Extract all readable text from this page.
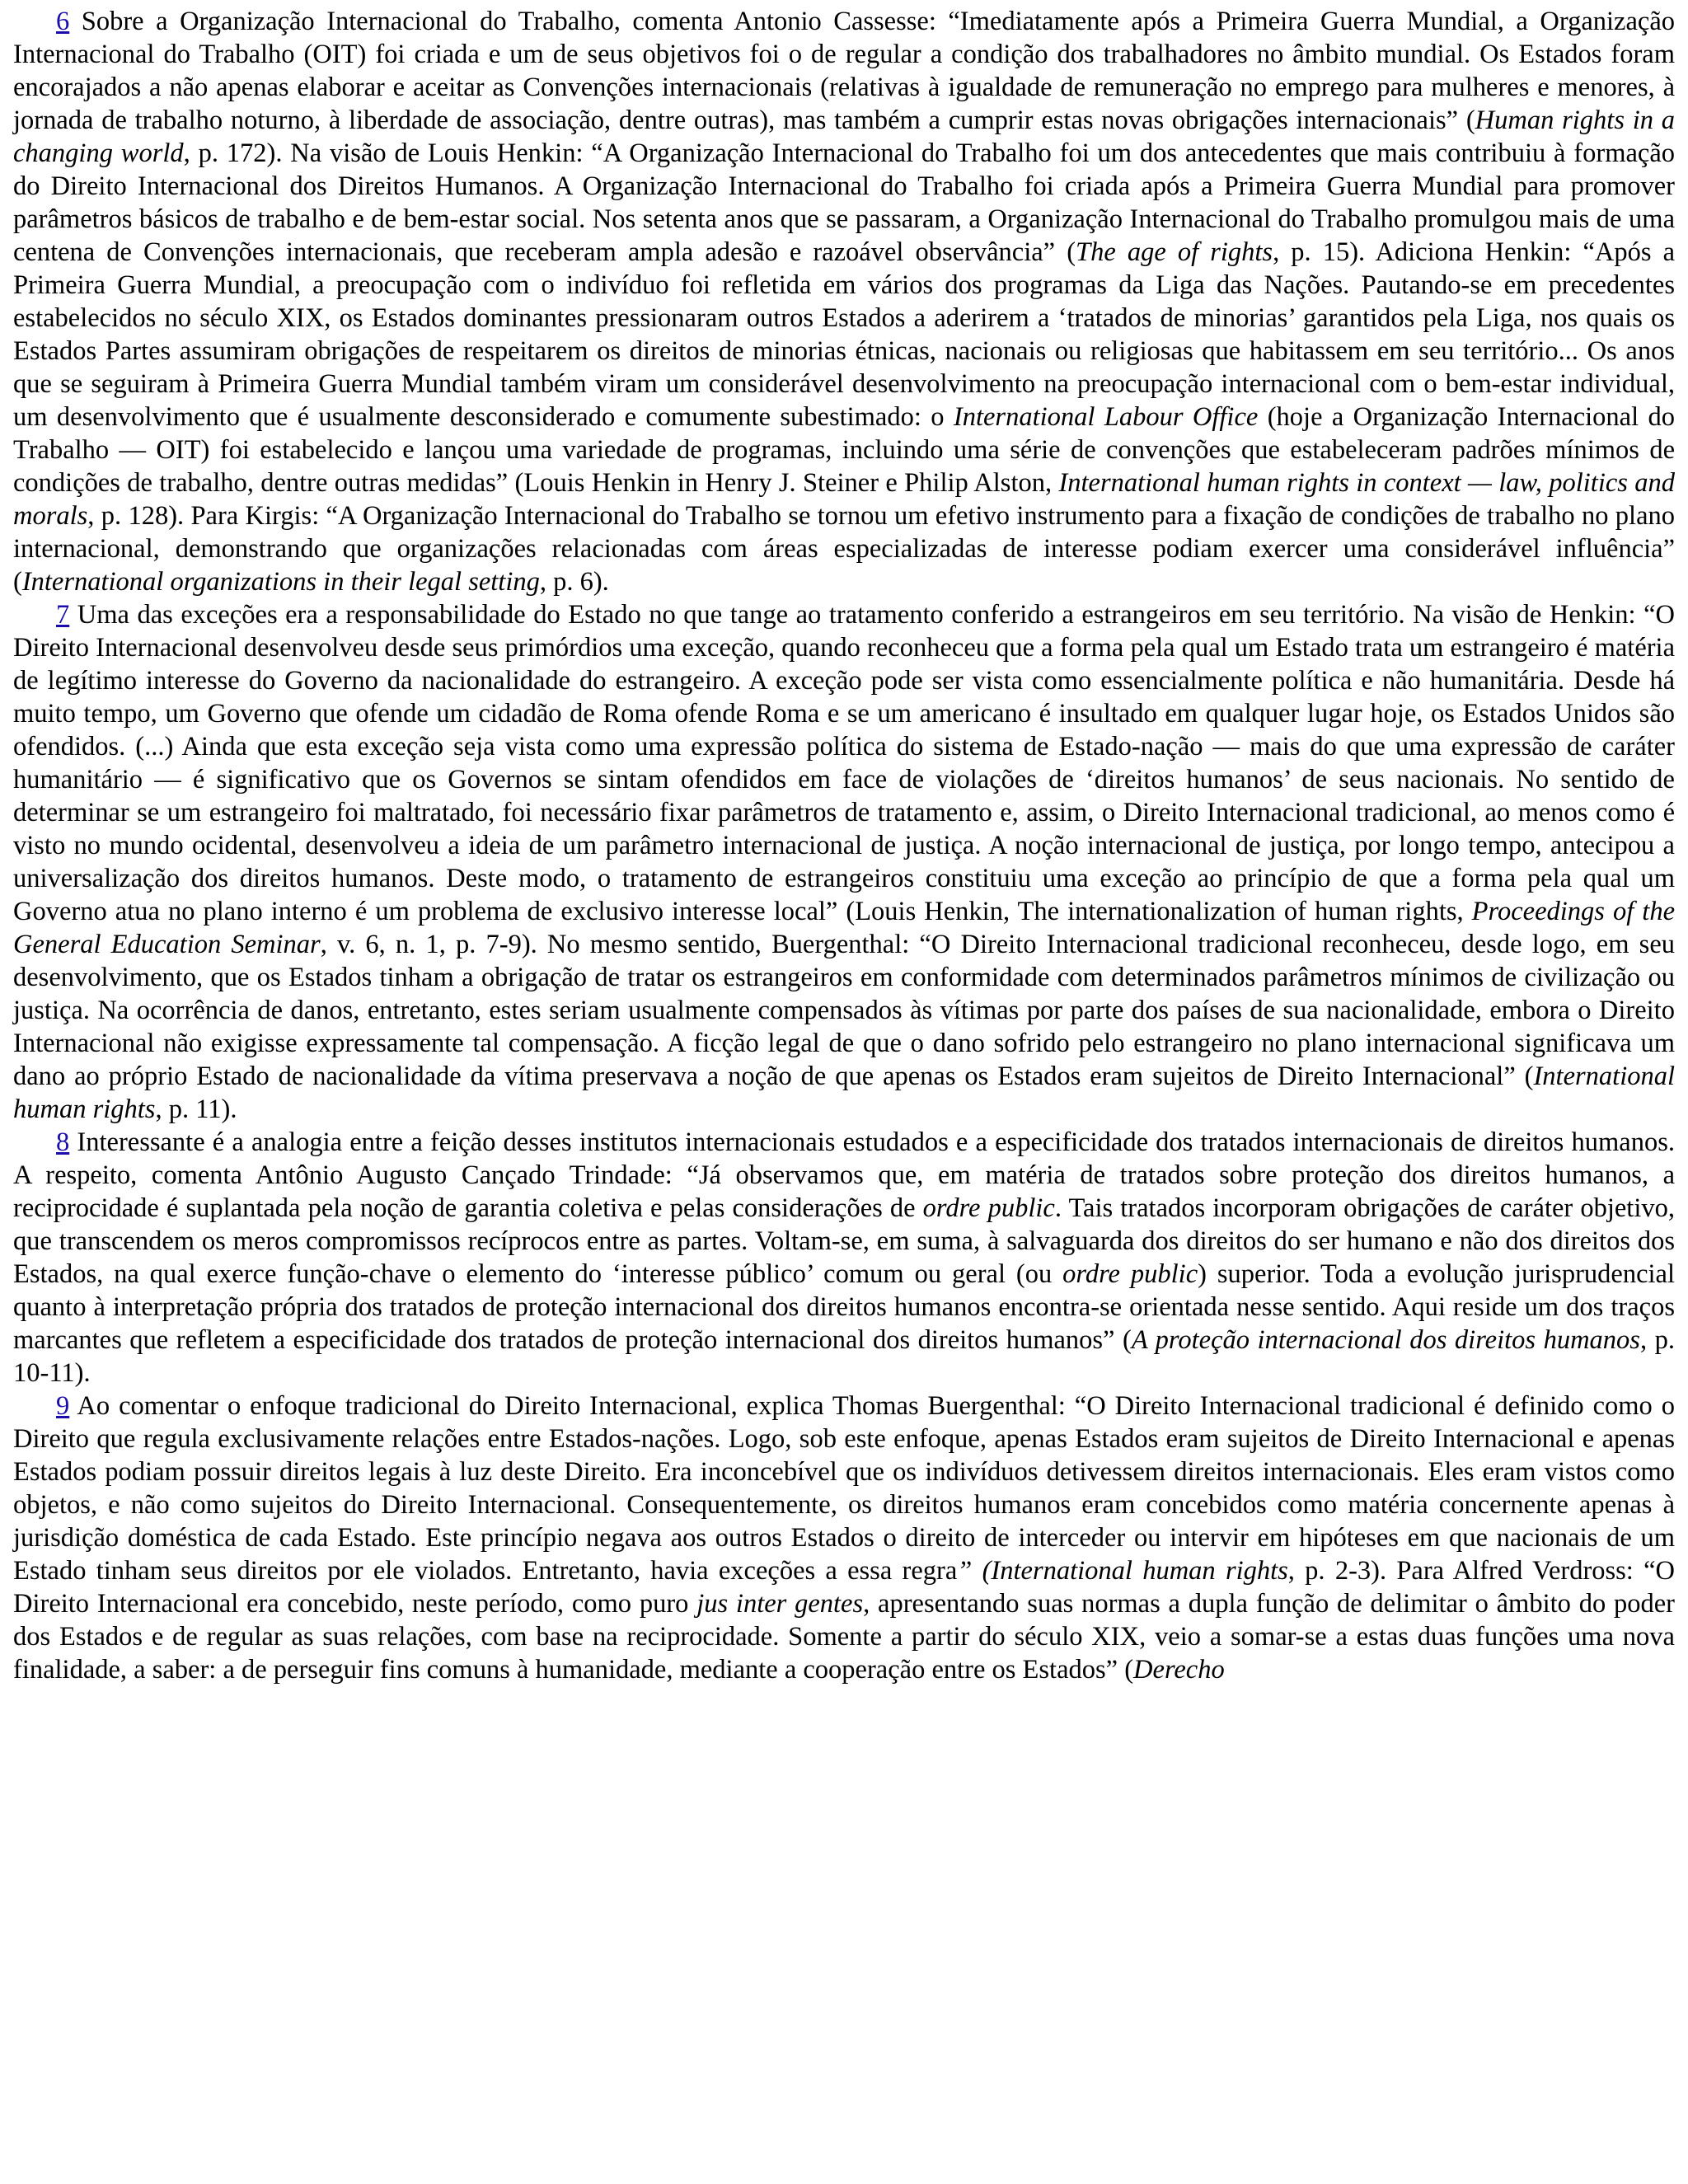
6 Sobre a Organização Internacional do Trabalho, comenta Antonio Cassesse: “Imediatamente após a Primeira Guerra Mundial, a Organização Internacional do Trabalho (OIT) foi criada e um de seus objetivos foi o de regular a condição dos trabalhadores no âmbito mundial. Os Estados foram encorajados a não apenas elaborar e aceitar as Convenções internacionais (relativas à igualdade de remuneração no emprego para mulheres e menores, à jornada de trabalho noturno, à liberdade de associação, dentre outras), mas também a cumprir estas novas obrigações internacionais” (Human rights in a changing world, p. 172). Na visão de Louis Henkin: “A Organização Internacional do Trabalho foi um dos antecedentes que mais contribuiu à formação do Direito Internacional dos Direitos Humanos. A Organização Internacional do Trabalho foi criada após a Primeira Guerra Mundial para promover parâmetros básicos de trabalho e de bem-estar social. Nos setenta anos que se passaram, a Organização Internacional do Trabalho promulgou mais de uma centena de Convenções internacionais, que receberam ampla adesão e razoável observância” (The age of rights, p. 15). Adiciona Henkin: “Após a Primeira Guerra Mundial, a preocupação com o indivíduo foi refletida em vários dos programas da Liga das Nações. Pautando-se em precedentes estabelecidos no século XIX, os Estados dominantes pressionaram outros Estados a aderirem a ‘tratados de minorias’ garantidos pela Liga, nos quais os Estados Partes assumiram obrigações de respeitarem os direitos de minorias étnicas, nacionais ou religiosas que habitassem em seu território... Os anos que se seguiram à Primeira Guerra Mundial também viram um considerável desenvolvimento na preocupação internacional com o bem-estar individual, um desenvolvimento que é usualmente desconsiderado e comumente subestimado: o International Labour Office (hoje a Organização Internacional do Trabalho — OIT) foi estabelecido e lançou uma variedade de programas, incluindo uma série de convenções que estabeleceram padrões mínimos de condições de trabalho, dentre outras medidas” (Louis Henkin in Henry J. Steiner e Philip Alston, International human rights in context — law, politics and morals, p. 128). Para Kirgis: “A Organização Internacional do Trabalho se tornou um efetivo instrumento para a fixação de condições de trabalho no plano internacional, demonstrando que organizações relacionadas com áreas especializadas de interesse podiam exercer uma considerável influência” (International organizations in their legal setting, p. 6).

7 Uma das exceções era a responsabilidade do Estado no que tange ao tratamento conferido a estrangeiros em seu território. Na visão de Henkin: “O Direito Internacional desenvolveu desde seus primórdios uma exceção, quando reconheceu que a forma pela qual um Estado trata um estrangeiro é matéria de legítimo interesse do Governo da nacionalidade do estrangeiro. A exceção pode ser vista como essencialmente política e não humanitária. Desde há muito tempo, um Governo que ofende um cidadão de Roma ofende Roma e se um americano é insultado em qualquer lugar hoje, os Estados Unidos são ofendidos. (...) Ainda que esta exceção seja vista como uma expressão política do sistema de Estado-nação — mais do que uma expressão de caráter humanitário — é significativo que os Governos se sintam ofendidos em face de violações de ‘direitos humanos’ de seus nacionais. No sentido de determinar se um estrangeiro foi maltratado, foi necessário fixar parâmetros de tratamento e, assim, o Direito Internacional tradicional, ao menos como é visto no mundo ocidental, desenvolveu a ideia de um parâmetro internacional de justiça. A noção internacional de justiça, por longo tempo, antecipou a universalização dos direitos humanos. Deste modo, o tratamento de estrangeiros constituiu uma exceção ao princípio de que a forma pela qual um Governo atua no plano interno é um problema de exclusivo interesse local” (Louis Henkin, The internationalization of human rights, Proceedings of the General Education Seminar, v. 6, n. 1, p. 7-9). No mesmo sentido, Buergenthal: “O Direito Internacional tradicional reconheceu, desde logo, em seu desenvolvimento, que os Estados tinham a obrigação de tratar os estrangeiros em conformidade com determinados parâmetros mínimos de civilização ou justiça. Na ocorrência de danos, entretanto, estes seriam usualmente compensados às vítimas por parte dos países de sua nacionalidade, embora o Direito Internacional não exigisse expressamente tal compensação. A ficção legal de que o dano sofrido pelo estrangeiro no plano internacional significava um dano ao próprio Estado de nacionalidade da vítima preservava a noção de que apenas os Estados eram sujeitos de Direito Internacional” (International human rights, p. 11).

8 Interessante é a analogia entre a feição desses institutos internacionais estudados e a especificidade dos tratados internacionais de direitos humanos. A respeito, comenta Antônio Augusto Cançado Trindade: “Já observamos que, em matéria de tratados sobre proteção dos direitos humanos, a reciprocidade é suplantada pela noção de garantia coletiva e pelas considerações de ordre public. Tais tratados incorporam obrigações de caráter objetivo, que transcendem os meros compromissos recíprocos entre as partes. Voltam-se, em suma, à salvaguarda dos direitos do ser humano e não dos direitos dos Estados, na qual exerce função-chave o elemento do ‘interesse público’ comum ou geral (ou ordre public) superior. Toda a evolução jurisprudencial quanto à interpretação própria dos tratados de proteção internacional dos direitos humanos encontra-se orientada nesse sentido. Aqui reside um dos traços marcantes que refletem a especificidade dos tratados de proteção internacional dos direitos humanos” (A proteção internacional dos direitos humanos, p. 10-11).

9 Ao comentar o enfoque tradicional do Direito Internacional, explica Thomas Buergenthal: “O Direito Internacional tradicional é definido como o Direito que regula exclusivamente relações entre Estados-nações. Logo, sob este enfoque, apenas Estados eram sujeitos de Direito Internacional e apenas Estados podiam possuir direitos legais à luz deste Direito. Era inconcebível que os indivíduos detivessem direitos internacionais. Eles eram vistos como objetos, e não como sujeitos do Direito Internacional. Consequentemente, os direitos humanos eram concebidos como matéria concernente apenas à jurisdição doméstica de cada Estado. Este princípio negava aos outros Estados o direito de interceder ou intervir em hipóteses em que nacionais de um Estado tinham seus direitos por ele violados. Entretanto, havia exceções a essa regra” (International human rights, p. 2-3). Para Alfred Verdross: “O Direito Internacional era concebido, neste período, como puro jus inter gentes, apresentando suas normas a dupla função de delimitar o âmbito do poder dos Estados e de regular as suas relações, com base na reciprocidade. Somente a partir do século XIX, veio a somar-se a estas duas funções uma nova finalidade, a saber: a de perseguir fins comuns à humanidade, mediante a cooperação entre os Estados” (Derecho
